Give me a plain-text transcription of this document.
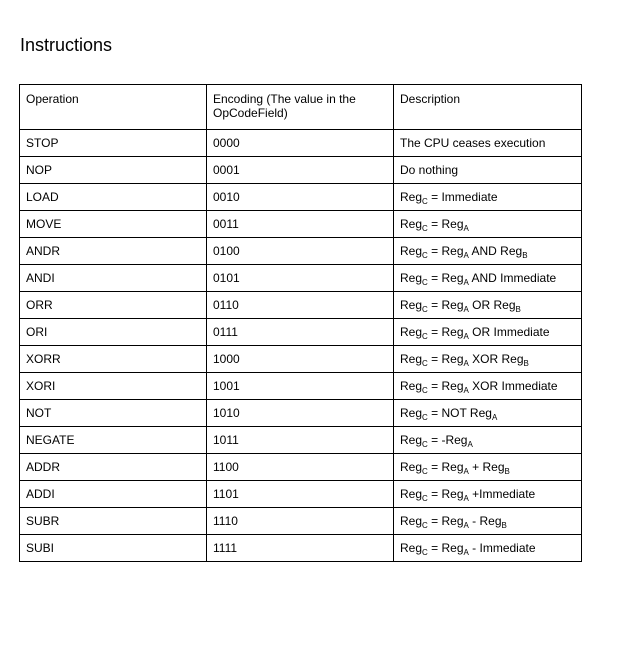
Instructions
Operation	Encoding (The value in the OpCodeField)	Description
STOP	0000	The CPU ceases execution
NOP	0001	Do nothing
LOAD	0010	Reg$_C$ = Immediate
MOVE	0011	Reg$_C$ = Reg$_A$
ANDR	0100	Reg$_C$ = Reg$_A$ AND Reg$_B$
ANDI	0101	Reg$_C$ = Reg$_A$ AND Immediate
ORR	0110	Reg$_C$ = Reg$_A$ OR Reg$_B$
ORI	0111	Reg$_C$ = Reg$_A$ OR Immediate
XORR	1000	Reg$_C$ = Reg$_A$ XOR Reg$_B$
XORI	1001	Reg$_C$ = Reg$_A$ XOR Immediate
NOT	1010	Reg$_C$ = NOT Reg$_A$
NEGATE	1011	Reg$_C$ = -Reg$_A$
ADDR	1100	Reg$_C$ = Reg$_A$ + Reg$_B$
ADDI	1101	Reg$_C$ = Reg$_A$ +Immediate
SUBR	1110	Reg$_C$ = Reg$_A$ - Reg$_B$
SUBI	1111	Reg$_C$ = Reg$_A$ - Immediate
